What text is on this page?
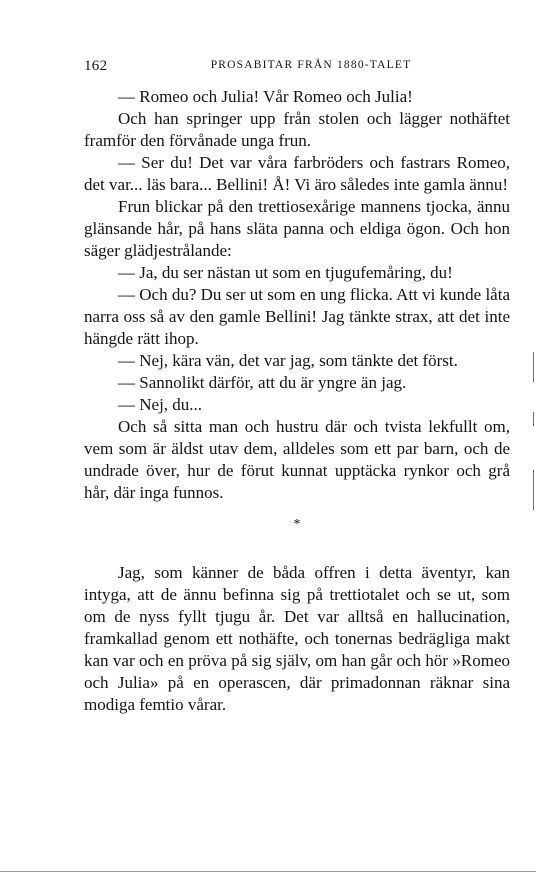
162	PROSABITAR FRÅN 1880-TALET

— Romeo och Julia! Vår Romeo och Julia!

Och han springer upp från stolen och lägger nothäftet framför den förvånade unga frun.

— Ser du! Det var våra farbröders och fastrars Romeo, det var... läs bara... Bellini! Å! Vi äro således inte gamla ännu!

Frun blickar på den trettiosexårige mannens tjocka, ännu glänsande hår, på hans släta panna och eldiga ögon. Och hon säger glädjestrålande:

— Ja, du ser nästan ut som en tjugufemåring, du!

— Och du? Du ser ut som en ung flicka. Att vi kunde låta narra oss så av den gamle Bellini! Jag tänkte strax, att det inte hängde rätt ihop.

— Nej, kära vän, det var jag, som tänkte det först.

— Sannolikt därför, att du är yngre än jag.

— Nej, du...

Och så sitta man och hustru där och tvista lekfullt om, vem som är äldst utav dem, alldeles som ett par barn, och de undrade över, hur de förut kunnat upptäcka rynkor och grå hår, där inga funnos.

*

Jag, som känner de båda offren i detta äventyr, kan intyga, att de ännu befinna sig på trettiotalet och se ut, som om de nyss fyllt tjugu år. Det var alltså en hallucination, framkallad genom ett nothäfte, och tonernas bedrägliga makt kan var och en pröva på sig själv, om han går och hör »Romeo och Julia» på en operascen, där primadonnan räknar sina modiga femtio vårar.
